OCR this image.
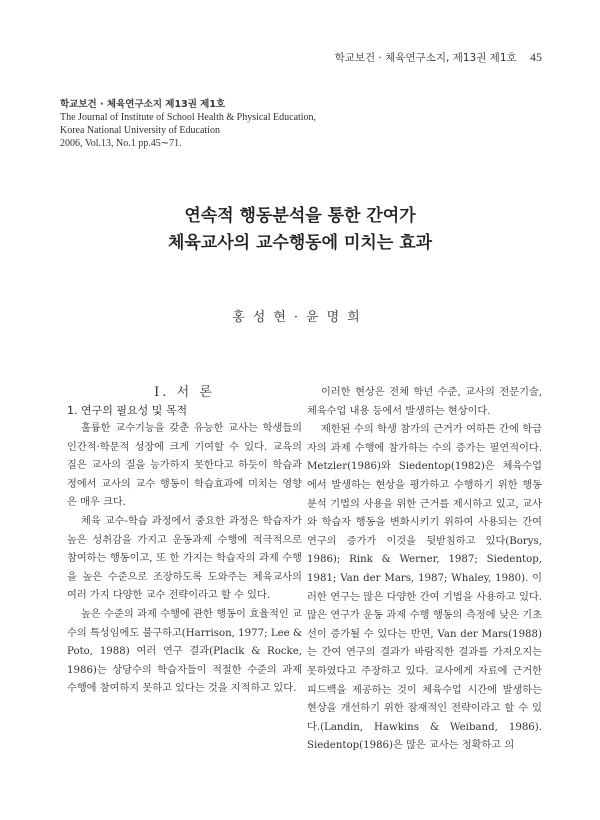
학교보건 · 체육연구소지, 제13권 제1호 45
학교보건 · 체육연구소지 제13권 제1호
The Journal of Institute of School Health & Physical Education,
Korea National University of Education
2006, Vol.13, No.1 pp.45∼71.
연속적 행동분석을 통한 간여가
체육교사의 교수행동에 미치는 효과
홍성현·윤명희

I. 서 론

1. 연구의 필요성 및 목적

훌륭한 교수기능을 갖춘 유능한 교사는 학생들의 인간적·학문적 성장에 크게 기여할 수 있다. 교육의 질은 교사의 질을 능가하지 못한다고 하듯이 학습과정에서 교사의 교수 행동이 학습효과에 미치는 영향은 매우 크다.

체육 교수-학습 과정에서 중요한 과정은 학습자가 높은 성취감을 가지고 운동과제 수행에 적극적으로 참여하는 행동이고, 또 한 가지는 학습자의 과제 수행을 높은 수준으로 조장하도록 도와주는 체육교사의 여러 가지 다양한 교수 전략이라고 할 수 있다.

높은 수준의 과제 수행에 관한 행동이 효율적인 교수의 특성임에도 불구하고(Harrison, 1977; Lee & Poto, 1988) 여러 연구 결과(Placlk & Rocke, 1986)는 상당수의 학습자들이 적절한 수준의 과제 수행에 참여하지 못하고 있다는 것을 지적하고 있다.

이러한 현상은 전체 학년 수준, 교사의 전문기술, 체육수업 내용 등에서 발생하는 현상이다.

제한된 수의 학생 참가의 근거가 여하튼 간에 학급자의 과제 수행에 참가하는 수의 증가는 필연적이다. Metzler(1986)와 Siedentop(1982)은 체육수업에서 발생하는 현상을 평가하고 수행하기 위한 행동분석 기법의 사용을 위한 근거를 제시하고 있고, 교사와 학습자 행동을 변화시키기 위하여 사용되는 간여 연구의 증가가 이것을 뒷받침하고 있다(Borys, 1986); Rink & Werner, 1987; Siedentop, 1981; Van der Mars, 1987; Whaley, 1980). 이러한 연구는 많은 다양한 간여 기법을 사용하고 있다. 많은 연구가 운동 과제 수행 행동의 측정에 낮은 기초선이 증가될 수 있다는 반면, Van der Mars(1988)는 간여 연구의 결과가 바람직한 결과를 가져오지는 못하였다고 주장하고 있다. 교사에게 자료에 근거한 피드백을 제공하는 것이 체육수업 시간에 발생하는 현상을 개선하기 위한 잠재적인 전략이라고 할 수 있다.(Landin, Hawkins & Weiband, 1986). Siedentop(1986)은 많은 교사는 정확하고 의
